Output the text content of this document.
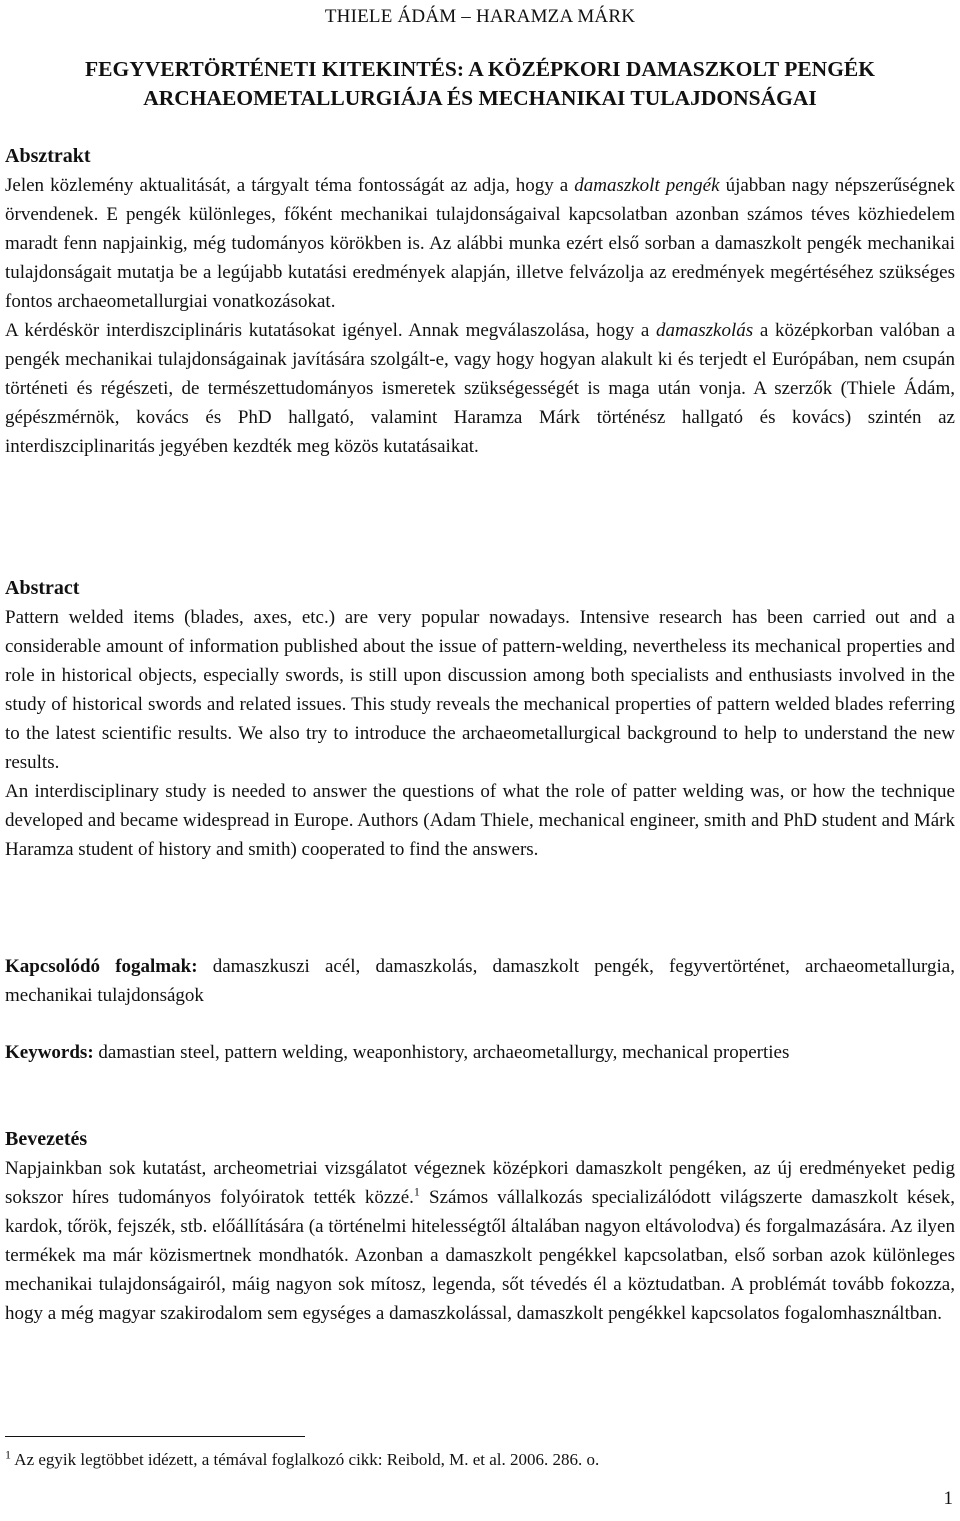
THIELE ÁDÁM – HARAMZA MÁRK
FEGYVERTÖRTÉNETI KITEKINTÉS: A KÖZÉPKORI DAMASZKOLT PENGÉK
ARCHAEOMETALLURGIÁJA ÉS MECHANIKAI TULAJDONSÁGAI
Absztrakt

Jelen közlemény aktualitását, a tárgyalt téma fontosságát az adja, hogy a damaszkolt pengék újabban nagy népszerűségnek örvendenek. E pengék különleges, főként mechanikai tulajdonságaival kapcsolatban azonban számos téves közhiedelem maradt fenn napjainkig, még tudományos körökben is. Az alábbi munka ezért első sorban a damaszkolt pengék mechanikai tulajdonságait mutatja be a legújabb kutatási eredmények alapján, illetve felvázolja az eredmények megértéséhez szükséges fontos archaeometallurgiai vonatkozásokat.

A kérdéskör interdiszciplináris kutatásokat igényel. Annak megválaszolása, hogy a damaszkolás a középkorban valóban a pengék mechanikai tulajdonságainak javítására szolgált-e, vagy hogy hogyan alakult ki és terjedt el Európában, nem csupán történeti és régészeti, de természettudományos ismeretek szükségességét is maga után vonja. A szerzők (Thiele Ádám, gépészmérnök, kovács és PhD hallgató, valamint Haramza Márk történész hallgató és kovács) szintén az interdiszciplinaritás jegyében kezdték meg közös kutatásaikat.

Abstract

Pattern welded items (blades, axes, etc.) are very popular nowadays. Intensive research has been carried out and a considerable amount of information published about the issue of pattern-welding, nevertheless its mechanical properties and role in historical objects, especially swords, is still upon discussion among both specialists and enthusiasts involved in the study of historical swords and related issues. This study reveals the mechanical properties of pattern welded blades referring to the latest scientific results. We also try to introduce the archaeometallurgical background to help to understand the new results.

An interdisciplinary study is needed to answer the questions of what the role of patter welding was, or how the technique developed and became widespread in Europe. Authors (Adam Thiele, mechanical engineer, smith and PhD student and Márk Haramza student of history and smith) cooperated to find the answers.

Kapcsolódó fogalmak: damaszkuszi acél, damaszkolás, damaszkolt pengék, fegyvertörténet, archaeometallurgia, mechanikai tulajdonságok

Keywords: damastian steel, pattern welding, weaponhistory, archaeometallurgy, mechanical properties

Bevezetés

Napjainkban sok kutatást, archeometriai vizsgálatot végeznek középkori damaszkolt pengéken, az új eredményeket pedig sokszor híres tudományos folyóiratok tették közzé.$^1$ Számos vállalkozás specializálódott világszerte damaszkolt kések, kardok, tőrök, fejszék, stb. előállítására (a történelmi hitelességtől általában nagyon eltávolodva) és forgalmazására. Az ilyen termékek ma már közismertnek mondhatók. Azonban a damaszkolt pengékkel kapcsolatban, első sorban azok különleges mechanikai tulajdonságairól, máig nagyon sok mítosz, legenda, sőt tévedés él a köztudatban. A problémát tovább fokozza, hogy a még magyar szakirodalom sem egységes a damaszkolással, damaszkolt pengékkel kapcsolatos fogalomhasználtban.

$^1$ Az egyik legtöbbet idézett, a témával foglalkozó cikk: Reibold, M. et al. 2006. 286. o.
1
